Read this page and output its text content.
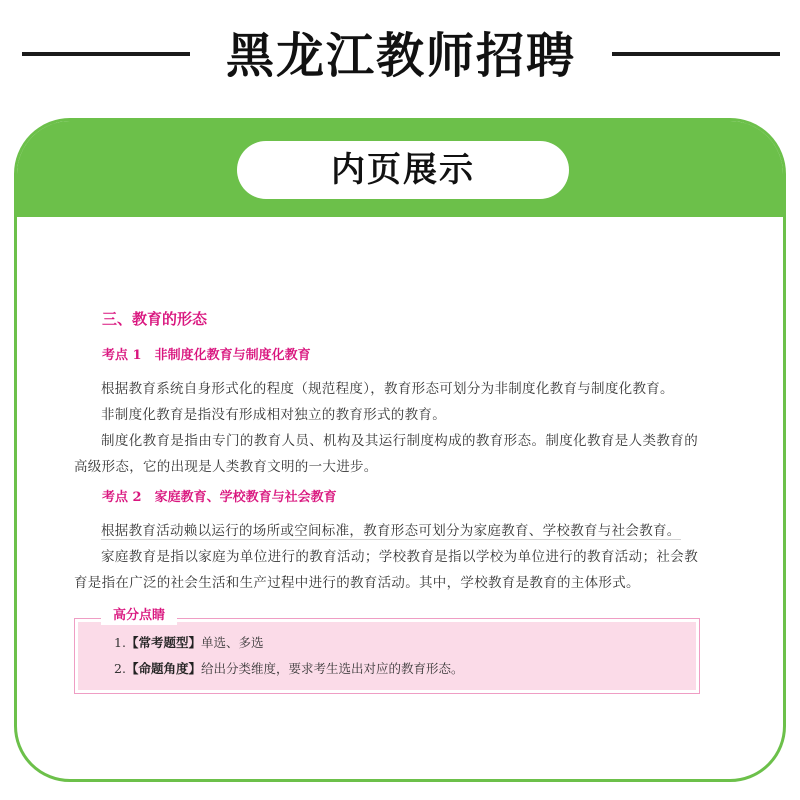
黑龙江教师招聘
内页展示
三、教育的形态
考点 1　非制度化教育与制度化教育

根据教育系统自身形式化的程度（规范程度），教育形态可划分为非制度化教育与制度化教育。

非制度化教育是指没有形成相对独立的教育形式的教育。

制度化教育是指由专门的教育人员、机构及其运行制度构成的教育形态。制度化教育是人类教育的高级形态，它的出现是人类教育文明的一大进步。

考点 2　家庭教育、学校教育与社会教育

根据教育活动赖以运行的场所或空间标准，教育形态可划分为家庭教育、学校教育与社会教育。

家庭教育是指以家庭为单位进行的教育活动；学校教育是指以学校为单位进行的教育活动；社会教育是指在广泛的社会生活和生产过程中进行的教育活动。其中，学校教育是教育的主体形式。

高分点睛
1.【常考题型】单选、多选
2.【命题角度】给出分类维度，要求考生选出对应的教育形态。
